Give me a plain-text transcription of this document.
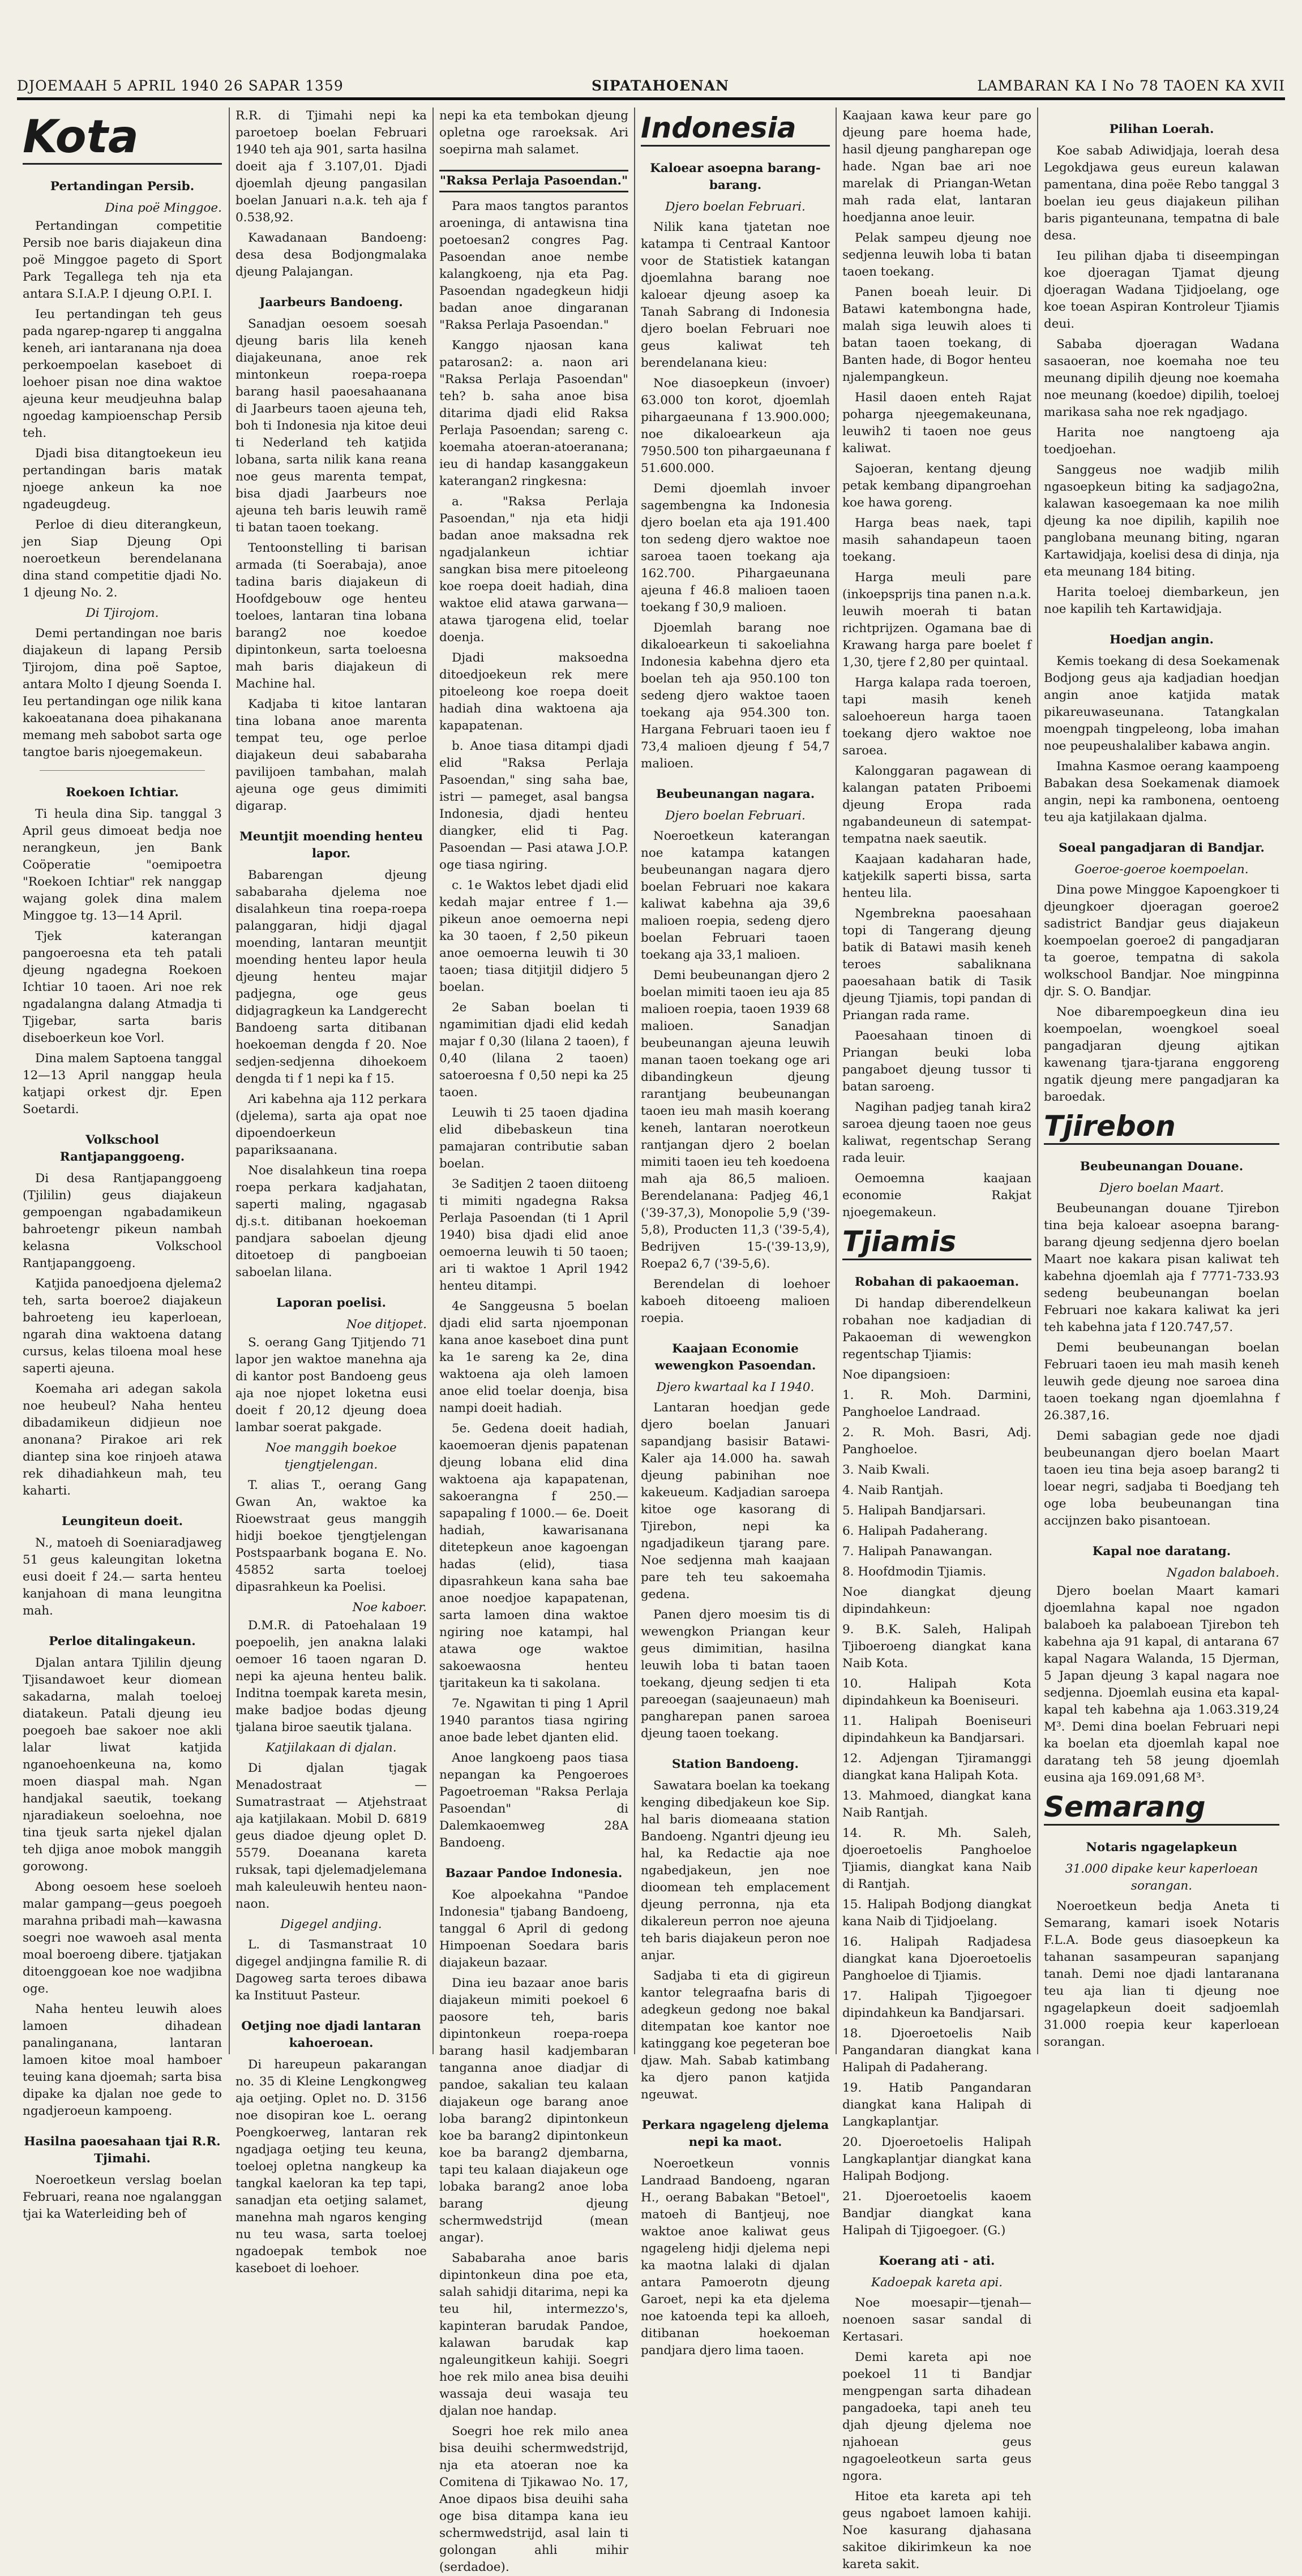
DJOEMAAH 5 APRIL 1940 26 SAPAR 1359	SIPATAHOENAN	LAMBARAN KA I No 78 TAOEN KA XVII
Kota
Pertandingan Persib.
Dina poë Minggoe.

Pertandingan competitie Persib noe baris diajakeun dina poë Minggoe pageto di Sport Park Tegallega teh nja eta antara S.I.A.P. I djeung O.P.I. I.

Ieu pertandingan teh geus pada ngarep-ngarep ti anggalna keneh, ari iantaranana nja doea perkoempoelan kaseboet di loehoer pisan noe dina waktoe ajeuna keur meudjeuhna balap ngoedag kampioenschap Persib teh.

Djadi bisa ditangtoekeun ieu pertandingan baris matak njoege ankeun ka noe ngadeugdeug.

Perloe di dieu diterangkeun, jen Siap Djeung Opi noeroetkeun berendelanana dina stand competitie djadi No. 1 djeung No. 2.

Di Tjirojom.

Demi pertandingan noe baris diajakeun di lapang Persib Tjirojom, dina poë Saptoe, antara Molto I djeung Soenda I. Ieu pertandingan oge nilik kana kakoeatanana doea pihakanana memang meh sabobot sarta oge tangtoe baris njoegemakeun.

Roekoen Ichtiar.

Ti heula dina Sip. tanggal 3 April geus dimoeat bedja noe nerangkeun, jen Bank Coöperatie "oemipoetra "Roekoen Ichtiar" rek nanggap wajang golek dina malem Minggoe tg. 13—14 April.

Tjek katerangan pangoeroesna eta teh patali djeung ngadegna Roekoen Ichtiar 10 taoen. Ari noe rek ngadalangna dalang Atmadja ti Tjigebar, sarta baris diseboerkeun koe Vorl.

Dina malem Saptoena tanggal 12—13 April nanggap heula katjapi orkest djr. Epen Soetardi.

Volkschool Rantjapanggoeng.

Di desa Rantjapanggoeng (Tjililin) geus diajakeun gempoengan ngabadamikeun bahroetengr pikeun nambah kelasna Volkschool Rantjapanggoeng.

Katjida panoedjoena djelema2 teh, sarta boeroe2 diajakeun bahroeteng ieu kaperloean, ngarah dina waktoena datang cursus, kelas tiloena moal hese saperti ajeuna.

Koemaha ari adegan sakola noe heubeul? Naha henteu dibadamikeun didjieun noe anonana? Pirakoe ari rek diantep sina koe rinjoeh atawa rek dihadiahkeun mah, teu kaharti.

Leungiteun doeit.

N., matoeh di Soeniaradjaweg 51 geus kaleungitan loketna eusi doeit f 24.— sarta henteu kanjahoan di mana leungitna mah.

Perloe ditalingakeun.

Djalan antara Tjililin djeung Tjisandawoet keur diomean sakadarna, malah toeloej diatakeun. Patali djeung ieu poegoeh bae sakoer noe akli lalar liwat katjida nganoehoenkeuna na, komo moen diaspal mah. Ngan handjakal saeutik, toekang njaradiakeun soeloehna, noe tina tjeuk sarta njekel djalan teh djiga anoe mobok manggih gorowong.

Abong oesoem hese soeloeh malar gampang—geus poegoeh marahna pribadi mah—kawasna soegri noe wawoeh asal menta moal boeroeng dibere. tjatjakan ditoenggoean koe noe wadjibna oge.

Naha henteu leuwih aloes lamoen dihadean panalinganana, lantaran lamoen kitoe moal hamboer teuing kana djoemah; sarta bisa dipake ka djalan noe gede to ngadjeroeun kampoeng.

Hasilna paoesahaan tjai R.R. Tjimahi.

Noeroetkeun verslag boelan Februari, reana noe ngalanggan tjai ka Waterleiding beh of

R.R. di Tjimahi nepi ka paroetoep boelan Februari 1940 teh aja 901, sarta hasilna doeit aja f 3.107,01. Djadi djoemlah djeung pangasilan boelan Januari n.a.k. teh aja f 0.538,92.

Kawadanaan Bandoeng: desa desa Bodjongmalaka djeung Palajangan.

Jaarbeurs Bandoeng.

Sanadjan oesoem soesah djeung baris lila keneh diajakeunana, anoe rek mintonkeun roepa-roepa barang hasil paoesahaanana di Jaarbeurs taoen ajeuna teh, boh ti Indonesia nja kitoe deui ti Nederland teh katjida lobana, sarta nilik kana reana noe geus marenta tempat, bisa djadi Jaarbeurs noe ajeuna teh baris leuwih ramë ti batan taoen toekang.

Tentoonstelling ti barisan armada (ti Soerabaja), anoe tadina baris diajakeun di Hoofdgebouw oge henteu toeloes, lantaran tina lobana barang2 noe koedoe dipintonkeun, sarta toeloesna mah baris diajakeun di Machine hal.

Kadjaba ti kitoe lantaran tina lobana anoe marenta tempat teu, oge perloe diajakeun deui sababaraha pavilijoen tambahan, malah ajeuna oge geus dimimiti digarap.

Meuntjit moending henteu lapor.

Babarengan djeung sababaraha djelema noe disalahkeun tina roepa-roepa palanggaran, hidji djagal moending, lantaran meuntjit moending henteu lapor heula djeung henteu majar padjegna, oge geus didjagragkeun ka Landgerecht Bandoeng sarta ditibanan hoekoeman dengda f 20. Noe sedjen-sedjenna dihoekoem dengda ti f 1 nepi ka f 15.

Ari kabehna aja 112 perkara (djelema), sarta aja opat noe dipoendoerkeun papariksaanana.

Noe disalahkeun tina roepa roepa perkara kadjahatan, saperti maling, ngagasab dj.s.t. ditibanan hoekoeman pandjara saboelan djeung ditoetoep di pangboeian saboelan lilana.

Laporan poelisi.
Noe ditjopet.

S. oerang Gang Tjitjendo 71 lapor jen waktoe manehna aja di kantor post Bandoeng geus aja noe njopet loketna eusi doeit f 20,12 djeung doea lambar soerat pakgade.

Noe manggih boekoe tjengtjelengan.

T. alias T., oerang Gang Gwan An, waktoe ka Rioewstraat geus manggih hidji boekoe tjengtjelengan Postspaarbank bogana E. No. 45852 sarta toeloej dipasrahkeun ka Poelisi.

Noe kaboer.

D.M.R. di Patoehalaan 19 poepoelih, jen anakna lalaki oemoer 16 taoen ngaran D. nepi ka ajeuna henteu balik. Inditna toempak kareta mesin, make badjoe bodas djeung tjalana biroe saeutik tjalana.

Katjilakaan di djalan.

Di djalan tjagak Menadostraat — Sumatrastraat — Atjehstraat aja katjilakaan. Mobil D. 6819 geus diadoe djeung oplet D. 5579. Doeanana kareta ruksak, tapi djelemadjelemana mah kaleuleuwih henteu naon-naon.

Digegel andjing.

L. di Tasmanstraat 10 digegel andjingna familie R. di Dagoweg sarta teroes dibawa ka Instituut Pasteur.

Oetjing noe djadi lantaran kahoeroean.

Di hareupeun pakarangan no. 35 di Kleine Lengkongweg aja oetjing. Oplet no. D. 3156 noe disopiran koe L. oerang Poengkoerweg, lantaran rek ngadjaga oetjing teu keuna, toeloej opletna nangkeup ka tangkal kaeloran ka tep tapi, sanadjan eta oetjing salamet, manehna mah ngaros kenging nu teu wasa, sarta toeloej ngadoepak tembok noe kaseboet di loehoer.

nepi ka eta tembokan djeung opletna oge raroeksak. Ari soepirna mah salamet.

"Raksa Perlaja Pasoendan."

Para maos tangtos parantos aroeninga, di antawisna tina poetoesan2 congres Pag. Pasoendan anoe nembe kalangkoeng, nja eta Pag. Pasoendan ngadegkeun hidji badan anoe dingaranan "Raksa Perlaja Pasoendan."

Kanggo njaosan kana patarosan2: a. naon ari "Raksa Perlaja Pasoendan" teh? b. saha anoe bisa ditarima djadi elid Raksa Perlaja Pasoendan; sareng c. koemaha atoeran-atoeranana; ieu di handap kasanggakeun katerangan2 ringkesna:

a. "Raksa Perlaja Pasoendan," nja eta hidji badan anoe maksadna rek ngadjalankeun ichtiar sangkan bisa mere pitoeleong koe roepa doeit hadiah, dina waktoe elid atawa garwana—atawa tjarogena elid, toelar doenja.

Djadi maksoedna ditoedjoekeun rek mere pitoeleong koe roepa doeit hadiah dina waktoena aja kapapatenan.

b. Anoe tiasa ditampi djadi elid "Raksa Perlaja Pasoendan," sing saha bae, istri — pameget, asal bangsa Indonesia, djadi henteu diangker, elid ti Pag. Pasoendan — Pasi atawa J.O.P. oge tiasa ngiring.

c. 1e Waktos lebet djadi elid kedah majar entree f 1.— pikeun anoe oemoerna nepi ka 30 taoen, f 2,50 pikeun anoe oemoerna leuwih ti 30 taoen; tiasa ditjitjil didjero 5 boelan.

2e Saban boelan ti ngamimitian djadi elid kedah majar f 0,30 (lilana 2 taoen), f 0,40 (lilana 2 taoen) satoeroesna f 0,50 nepi ka 25 taoen.

Leuwih ti 25 taoen djadina elid dibebaskeun tina pamajaran contributie saban boelan.

3e Saditjen 2 taoen diitoeng ti mimiti ngadegna Raksa Perlaja Pasoendan (ti 1 April 1940) bisa djadi elid anoe oemoerna leuwih ti 50 taoen; ari ti waktoe 1 April 1942 henteu ditampi.

4e Sanggeusna 5 boelan djadi elid sarta njoemponan kana anoe kaseboet dina punt ka 1e sareng ka 2e, dina waktoena aja oleh lamoen anoe elid toelar doenja, bisa nampi doeit hadiah.

5e. Gedena doeit hadiah, kaoemoeran djenis papatenan djeung lobana elid dina waktoena aja kapapatenan, sakoerangna f 250.— sapapaling f 1000.— 6e. Doeit hadiah, kawarisanana ditetepkeun anoe kagoengan hadas (elid), tiasa dipasrahkeun kana saha bae anoe noedjoe kapapatenan, sarta lamoen dina waktoe ngiring noe katampi, hal atawa oge waktoe sakoewaosna henteu tjaritakeun ka ti sakolana.

7e. Ngawitan ti ping 1 April 1940 parantos tiasa ngiring anoe bade lebet djanten elid.

Anoe langkoeng paos tiasa nepangan ka Pengoeroes Pagoetroeman "Raksa Perlaja Pasoendan" di Dalemkaoemweg 28A Bandoeng.

Bazaar Pandoe Indonesia.

Koe alpoekahna "Pandoe Indonesia" tjabang Bandoeng, tanggal 6 April di gedong Himpoenan Soedara baris diajakeun bazaar.

Dina ieu bazaar anoe baris diajakeun mimiti poekoel 6 paosore teh, baris dipintonkeun roepa-roepa barang hasil kadjembaran tanganna anoe diadjar di pandoe, sakalian teu kalaan diajakeun oge barang anoe loba barang2 dipintonkeun koe ba barang2 dipintonkeun koe ba barang2 djembarna, tapi teu kalaan diajakeun oge lobaka barang2 anoe loba barang djeung schermwedstrijd (mean angar).

Sababaraha anoe baris dipintonkeun dina poe eta, salah sahidji ditarima, nepi ka teu hil, intermezzo's, kapinteran barudak Pandoe, kalawan barudak kap ngaleungitkeun kahiji. Soegri hoe rek milo anea bisa deuihi wassaja deui wasaja teu djalan noe handap.

Soegri hoe rek milo anea bisa deuihi schermwedstrijd, nja eta atoeran noe ka Comitena di Tjikawao No. 17, Anoe dipaos bisa deuihi saha oge bisa ditampa kana ieu schermwedstrijd, asal lain ti golongan ahli mihir (serdadoe).

Indonesia
Kaloear asoepna barang-barang.
Djero boelan Februari.

Nilik kana tjatetan noe katampa ti Centraal Kantoor voor de Statistiek katangan djoemlahna barang noe kaloear djeung asoep ka Tanah Sabrang di Indonesia djero boelan Februari noe geus kaliwat teh berendelanana kieu:

Noe diasoepkeun (invoer) 63.000 ton korot, djoemlah pihargaeunana f 13.900.000; noe dikaloearkeun aja 7950.500 ton pihargaeunana f 51.600.000.

Demi djoemlah invoer sagembengna ka Indonesia djero boelan eta aja 191.400 ton sedeng djero waktoe noe saroea taoen toekang aja 162.700. Pihargaeunana ajeuna f 46.8 malioen taoen toekang f 30,9 malioen.

Djoemlah barang noe dikaloearkeun ti sakoeliahna Indonesia kabehna djero eta boelan teh aja 950.100 ton sedeng djero waktoe taoen toekang aja 954.300 ton. Hargana Februari taoen ieu f 73,4 malioen djeung f 54,7 malioen.

Beubeunangan nagara.
Djero boelan Februari.

Noeroetkeun katerangan noe katampa katangen beubeunangan nagara djero boelan Februari noe kakara kaliwat kabehna aja 39,6 malioen roepia, sedeng djero boelan Februari taoen toekang aja 33,1 malioen.

Demi beubeunangan djero 2 boelan mimiti taoen ieu aja 85 malioen roepia, taoen 1939 68 malioen. Sanadjan beubeunangan ajeuna leuwih manan taoen toekang oge ari dibandingkeun djeung rarantjang beubeunangan taoen ieu mah masih koerang keneh, lantaran noerotkeun rantjangan djero 2 boelan mimiti taoen ieu teh koedoena mah aja 86,5 malioen. Berendelanana: Padjeg 46,1 ('39-37,3), Monopolie 5,9 ('39-5,8), Producten 11,3 ('39-5,4), Bedrijven 15-('39-13,9), Roepa2 6,7 ('39-5,6).

Berendelan di loehoer kaboeh ditoeeng malioen roepia.

Kaajaan Economie wewengkon Pasoendan.
Djero kwartaal ka I 1940.

Lantaran hoedjan gede djero boelan Januari sapandjang basisir Batawi-Kaler aja 14.000 ha. sawah djeung pabinihan noe kakeueum. Kadjadian saroepa kitoe oge kasorang di Tjirebon, nepi ka ngadjadikeun tjarang pare. Noe sedjenna mah kaajaan pare teh teu sakoemaha gedena.

Panen djero moesim tis di wewengkon Priangan keur geus dimimitian, hasilna leuwih loba ti batan taoen toekang, djeung sedjen ti eta pareoegan (saajeunaeun) mah pangharepan panen saroea djeung taoen toekang.

Station Bandoeng.

Sawatara boelan ka toekang kenging dibedjakeun koe Sip. hal baris diomeaana station Bandoeng. Ngantri djeung ieu hal, ka Redactie aja noe ngabedjakeun, jen noe dioomean teh emplacement djeung perronna, nja eta dikalereun perron noe ajeuna teh baris diajakeun peron noe anjar.

Sadjaba ti eta di gigireun kantor telegraafna baris di adegkeun gedong noe bakal ditempatan koe kantor noe katinggang koe pegeteran boe djaw. Mah. Sabab katimbang ka djero panon katjida ngeuwat.

Perkara ngageleng djelema nepi ka maot.

Noeroetkeun vonnis Landraad Bandoeng, ngaran H., oerang Babakan "Betoel", matoeh di Bantjeuj, noe waktoe anoe kaliwat geus ngageleng hidji djelema nepi ka maotna lalaki di djalan antara Pamoerotn djeung Garoet, nepi ka eta djelema noe katoenda tepi ka alloeh, ditibanan hoekoeman pandjara djero lima taoen.

Kaajaan kawa keur pare go djeung pare hoema hade, hasil djeung pangharepan oge hade. Ngan bae ari noe marelak di Priangan-Wetan mah rada elat, lantaran hoedjanna anoe leuir.

Pelak sampeu djeung noe sedjenna leuwih loba ti batan taoen toekang.

Panen boeah leuir. Di Batawi katembongna hade, malah siga leuwih aloes ti batan taoen toekang, di Banten hade, di Bogor henteu njalempangkeun.

Hasil daoen enteh Rajat poharga njeegemakeunana, leuwih2 ti taoen noe geus kaliwat.

Sajoeran, kentang djeung petak kembang dipangroehan koe hawa goreng.

Harga beas naek, tapi masih sahandapeun taoen toekang.

Harga meuli pare (inkoepsprijs tina panen n.a.k. leuwih moerah ti batan richtprijzen. Ogamana bae di Krawang harga pare boelet f 1,30, tjere f 2,80 per quintaal.

Harga kalapa rada toeroen, tapi masih keneh saloehoereun harga taoen toekang djero waktoe noe saroea.

Kalonggaran pagawean di kalangan pataten Priboemi djeung Eropa rada ngabandeuneun di satempat-tempatna naek saeutik.

Kaajaan kadaharan hade, katjekilk saperti bissa, sarta henteu lila.

Ngembrekna paoesahaan topi di Tangerang djeung batik di Batawi masih keneh teroes sabaliknana paoesahaan batik di Tasik djeung Tjiamis, topi pandan di Priangan rada rame.

Paoesahaan tinoen di Priangan beuki loba pangaboet djeung tussor ti batan saroeng.

Nagihan padjeg tanah kira2 saroea djeung taoen noe geus kaliwat, regentschap Serang rada leuir.

Oemoemna kaajaan economie Rakjat njoegemakeun.

Tjiamis
Robahan di pakaoeman.

Di handap diberendelkeun robahan noe kadjadian di Pakaoeman di wewengkon regentschap Tjiamis:

Noe dipangsioen:

1. R. Moh. Darmini, Panghoeloe Landraad.

2. R. Moh. Basri, Adj. Panghoeloe.

3. Naib Kwali.

4. Naib Rantjah.

5. Halipah Bandjarsari.

6. Halipah Padaherang.

7. Halipah Panawangan.

8. Hoofdmodin Tjiamis.

Noe diangkat djeung dipindahkeun:

9. B.K. Saleh, Halipah Tjiboeroeng diangkat kana Naib Kota.

10. Halipah Kota dipindahkeun ka Boeniseuri.

11. Halipah Boeniseuri dipindahkeun ka Bandjarsari.

12. Adjengan Tjiramanggi diangkat kana Halipah Kota.

13. Mahmoed, diangkat kana Naib Rantjah.

14. R. Mh. Saleh, djoeroetoelis Panghoeloe Tjiamis, diangkat kana Naib di Rantjah.

15. Halipah Bodjong diangkat kana Naib di Tjidjoelang.

16. Halipah Radjadesa diangkat kana Djoeroetoelis Panghoeloe di Tjiamis.

17. Halipah Tjigoegoer dipindahkeun ka Bandjarsari.

18. Djoeroetoelis Naib Pangandaran diangkat kana Halipah di Padaherang.

19. Hatib Pangandaran diangkat kana Halipah di Langkaplantjar.

20. Djoeroetoelis Halipah Langkaplantjar diangkat kana Halipah Bodjong.

21. Djoeroetoelis kaoem Bandjar diangkat kana Halipah di Tjigoegoer. (G.)

Koerang ati - ati.
Kadoepak kareta api.

Noe moesapir—tjenah—noenoen sasar sandal di Kertasari.

Demi kareta api noe poekoel 11 ti Bandjar mengpengan sarta dihadean pangadoeka, tapi aneh teu djah djeung djelema noe njahoean geus ngagoeleotkeun sarta geus ngora.

Hitoe eta kareta api teh geus ngaboet lamoen kahiji. Noe kasurang djahasana sakitoe dikirimkeun ka noe kareta sakit.

Pilihan Loerah.

Koe sabab Adiwidjaja, loerah desa Legokdjawa geus eureun kalawan pamentana, dina poëe Rebo tanggal 3 boelan ieu geus diajakeun pilihan baris piganteunana, tempatna di bale desa.

Ieu pilihan djaba ti diseempingan koe djoeragan Tjamat djeung djoeragan Wadana Tjidjoelang, oge koe toean Aspiran Kontroleur Tjiamis deui.

Sababa djoeragan Wadana sasaoeran, noe koemaha noe teu meunang dipilih djeung noe koemaha noe meunang (koedoe) dipilih, toeloej marikasa saha noe rek ngadjago.

Harita noe nangtoeng aja toedjoehan.

Sanggeus noe wadjib milih ngasoepkeun biting ka sadjago2na, kalawan kasoegemaan ka noe milih djeung ka noe dipilih, kapilih noe panglobana meunang biting, ngaran Kartawidjaja, koelisi desa di dinja, nja eta meunang 184 biting.

Harita toeloej diembarkeun, jen noe kapilih teh Kartawidjaja.

Hoedjan angin.

Kemis toekang di desa Soekamenak Bodjong geus aja kadjadian hoedjan angin anoe katjida matak pikareuwaseunana. Tatangkalan moengpah tingpeleong, loba imahan noe peupeushalaliber kabawa angin.

Imahna Kasmoe oerang kaampoeng Babakan desa Soekamenak diamoek angin, nepi ka rambonena, oentoeng teu aja katjilakaan djalma.

Soeal pangadjaran di Bandjar.
Goeroe-goeroe koempoelan.

Dina powe Minggoe Kapoengkoer ti djeungkoer djoeragan goeroe2 sadistrict Bandjar geus diajakeun koempoelan goeroe2 di pangadjaran ta goeroe, tempatna di sakola wolkschool Bandjar. Noe mingpinna djr. S. O. Bandjar.

Noe dibarempoegkeun dina ieu koempoelan, woengkoel soeal pangadjaran djeung ajtikan kawenang tjara-tjarana enggoreng ngatik djeung mere pangadjaran ka baroedak.

Tjirebon
Beubeunangan Douane.
Djero boelan Maart.

Beubeunangan douane Tjirebon tina beja kaloear asoepna barang-barang djeung sedjenna djero boelan Maart noe kakara pisan kaliwat teh kabehna djoemlah aja f 7771-733.93 sedeng beubeunangan boelan Februari noe kakara kaliwat ka jeri teh kabehna jata f 120.747,57.

Demi beubeunangan boelan Februari taoen ieu mah masih keneh leuwih gede djeung noe saroea dina taoen toekang ngan djoemlahna f 26.387,16.

Demi sabagian gede noe djadi beubeunangan djero boelan Maart taoen ieu tina beja asoep barang2 ti loear negri, sadjaba ti Boedjang teh oge loba beubeunangan tina accijnzen bako pisantoean.

Kapal noe daratang.
Ngadon balaboeh.

Djero boelan Maart kamari djoemlahna kapal noe ngadon balaboeh ka palaboean Tjirebon teh kabehna aja 91 kapal, di antarana 67 kapal Nagara Walanda, 15 Djerman, 5 Japan djeung 3 kapal nagara noe sedjenna. Djoemlah eusina eta kapal-kapal teh kabehna aja 1.063.319,24 M³. Demi dina boelan Februari nepi ka boelan eta djoemlah kapal noe daratang teh 58 jeung djoemlah eusina aja 169.091,68 M³.

Semarang
Notaris ngagelapkeun
31.000 dipake keur kaperloean sorangan.

Noeroetkeun bedja Aneta ti Semarang, kamari isoek Notaris F.L.A. Bode geus diasoepkeun ka tahanan sasampeuran sapanjang tanah. Demi noe djadi lantaranana teu aja lian ti djeung noe ngagelapkeun doeit sadjoemlah 31.000 roepia keur kaperloean sorangan.
